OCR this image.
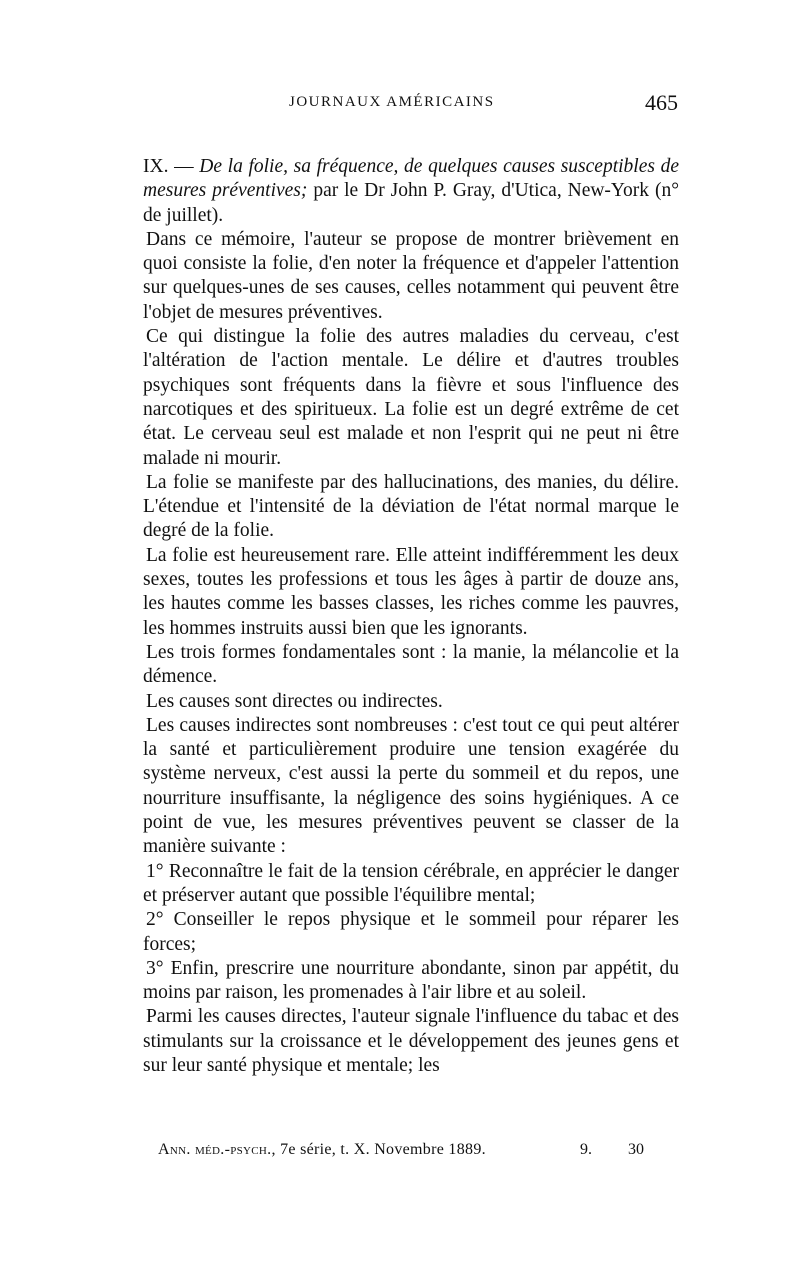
JOURNAUX AMÉRICAINS	465

IX. — De la folie, sa fréquence, de quelques causes susceptibles de mesures préventives; par le Dr John P. Gray, d'Utica, New-York (n° de juillet).

Dans ce mémoire, l'auteur se propose de montrer brièvement en quoi consiste la folie, d'en noter la fréquence et d'appeler l'attention sur quelques-unes de ses causes, celles notamment qui peuvent être l'objet de mesures préventives.

Ce qui distingue la folie des autres maladies du cerveau, c'est l'altération de l'action mentale. Le délire et d'autres troubles psychiques sont fréquents dans la fièvre et sous l'influence des narcotiques et des spiritueux. La folie est un degré extrême de cet état. Le cerveau seul est malade et non l'esprit qui ne peut ni être malade ni mourir.

La folie se manifeste par des hallucinations, des manies, du délire. L'étendue et l'intensité de la déviation de l'état normal marque le degré de la folie.

La folie est heureusement rare. Elle atteint indifféremment les deux sexes, toutes les professions et tous les âges à partir de douze ans, les hautes comme les basses classes, les riches comme les pauvres, les hommes instruits aussi bien que les ignorants.

Les trois formes fondamentales sont : la manie, la mélancolie et la démence.

Les causes sont directes ou indirectes.

Les causes indirectes sont nombreuses : c'est tout ce qui peut altérer la santé et particulièrement produire une tension exagérée du système nerveux, c'est aussi la perte du sommeil et du repos, une nourriture insuffisante, la négligence des soins hygiéniques. A ce point de vue, les mesures préventives peuvent se classer de la manière suivante :

1° Reconnaître le fait de la tension cérébrale, en apprécier le danger et préserver autant que possible l'équilibre mental;

2° Conseiller le repos physique et le sommeil pour réparer les forces;

3° Enfin, prescrire une nourriture abondante, sinon par appétit, du moins par raison, les promenades à l'air libre et au soleil.

Parmi les causes directes, l'auteur signale l'influence du tabac et des stimulants sur la croissance et le développement des jeunes gens et sur leur santé physique et mentale; les

Ann. méd.-psych., 7e série, t. X. Novembre 1889.	9. 30
